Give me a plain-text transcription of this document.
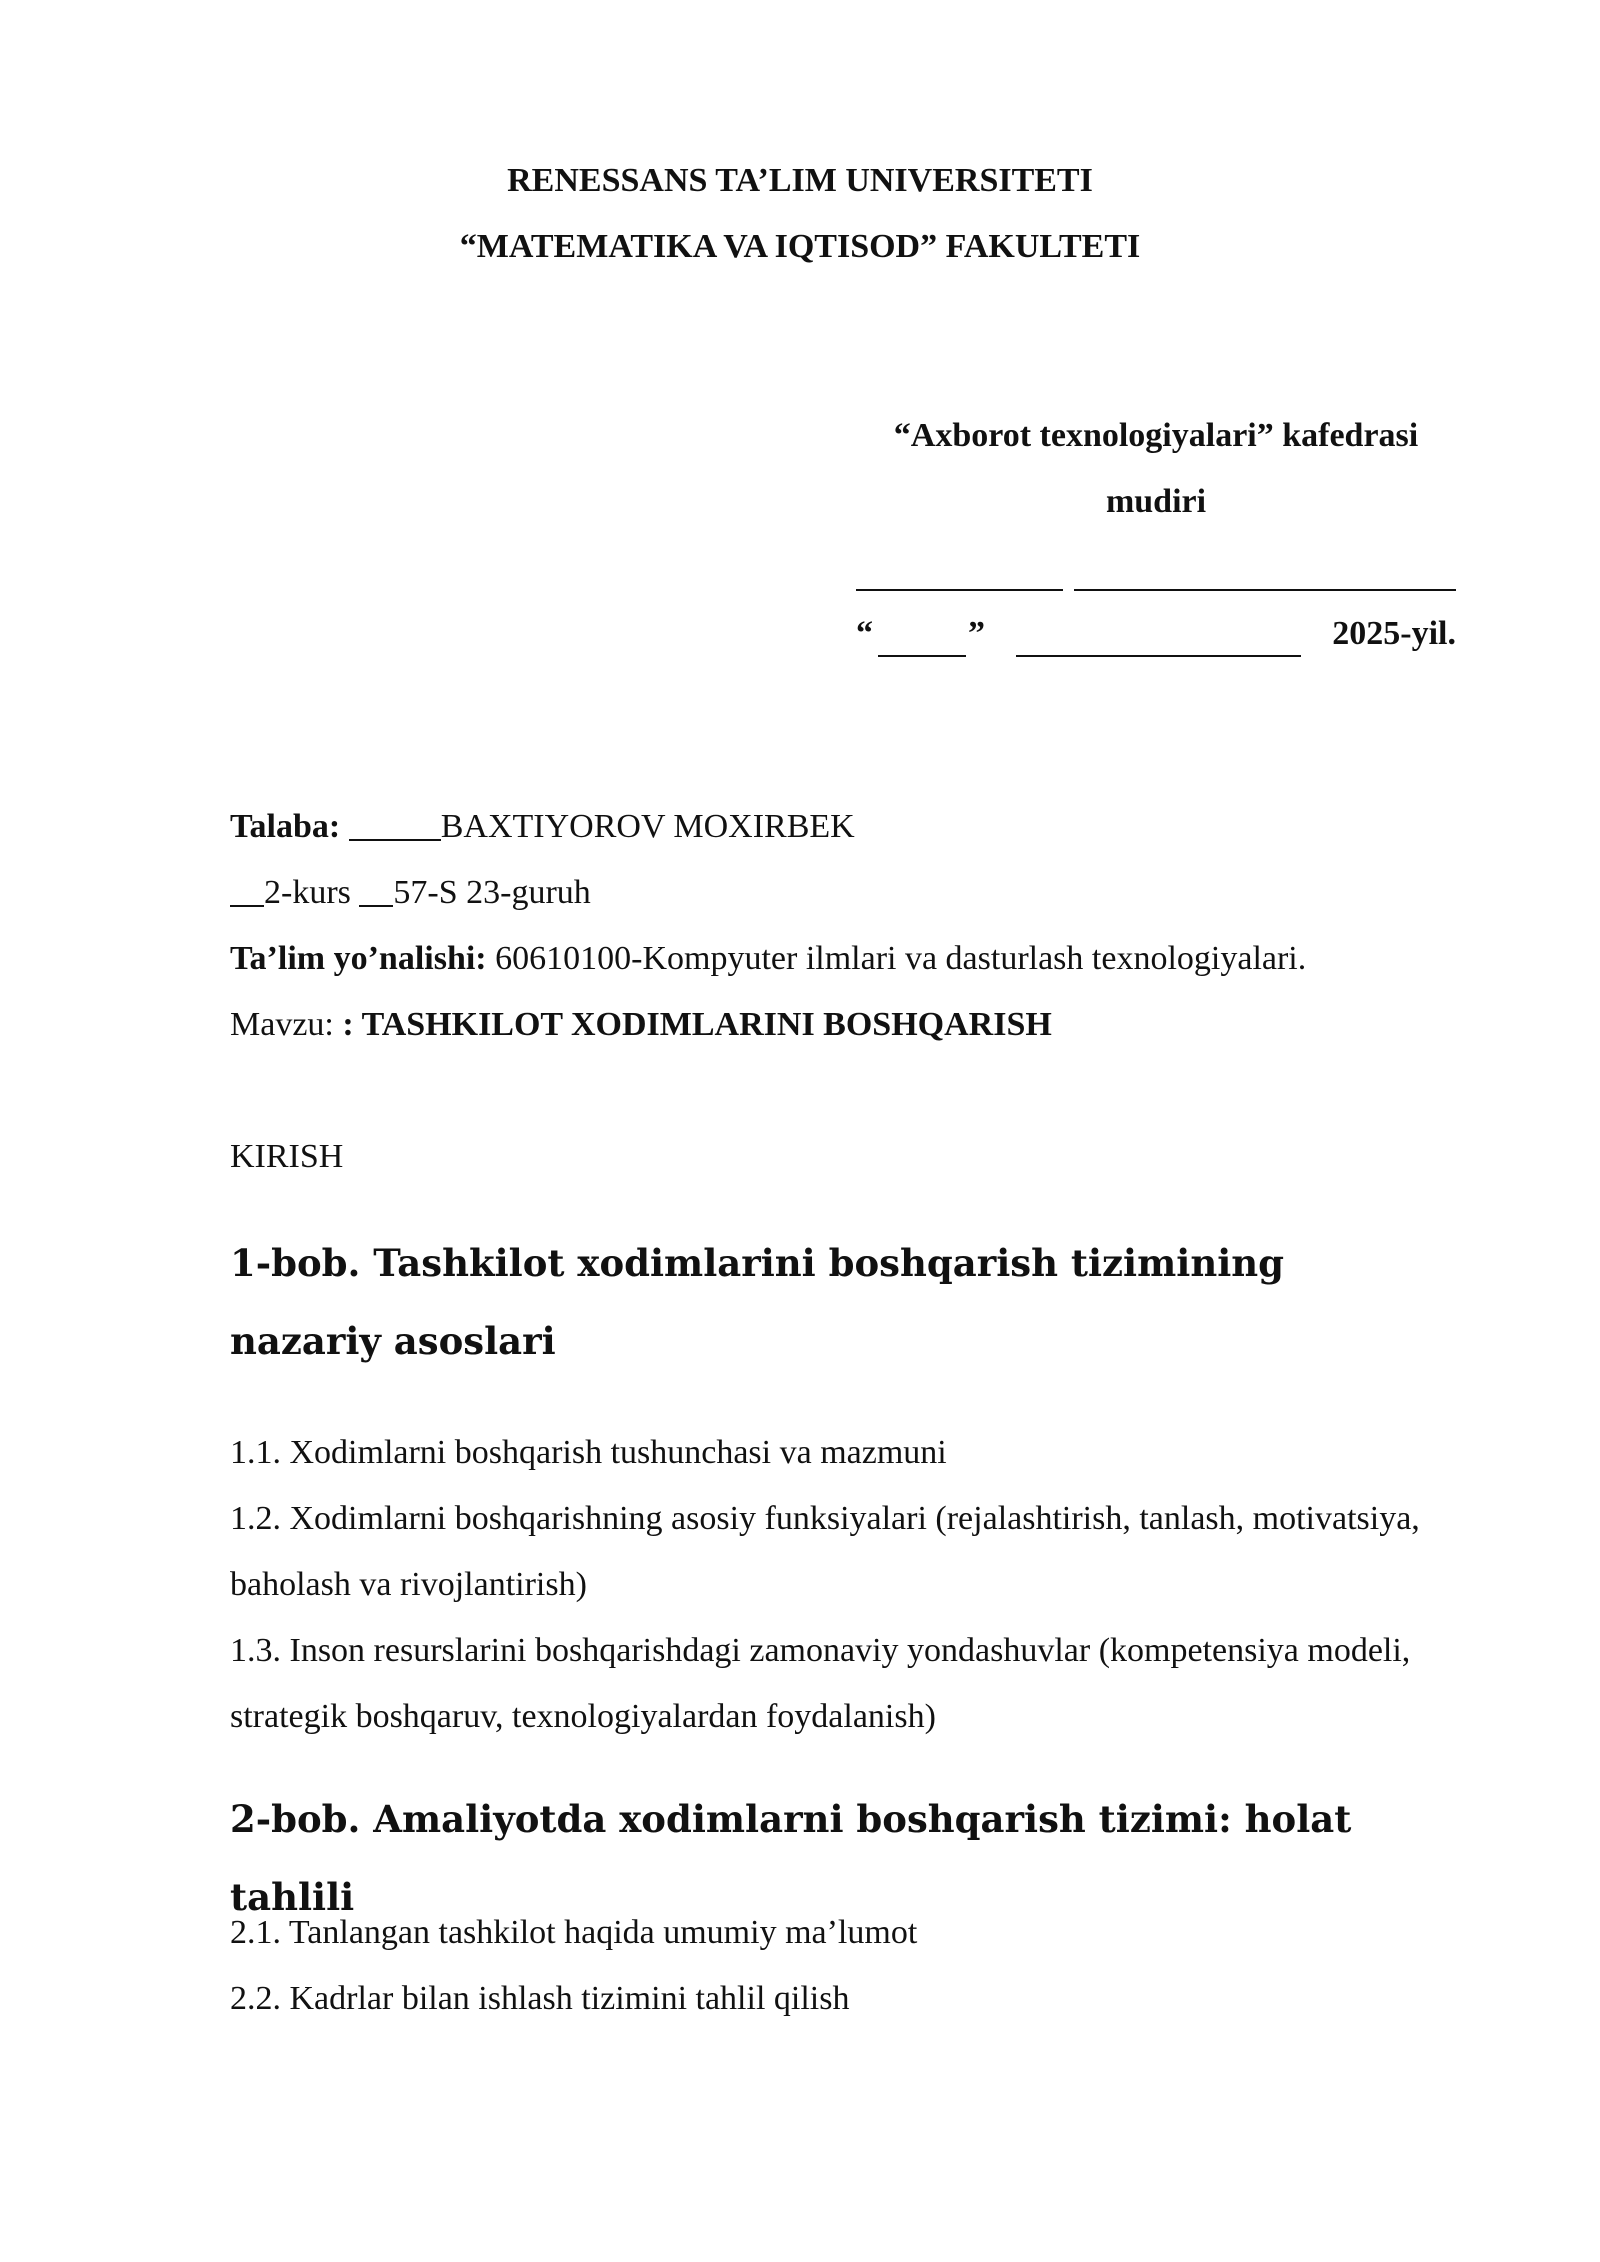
RENESSANS TA’LIM UNIVERSITETI
“MATEMATIKA VA IQTISOD” FAKULTETI
“Axborot texnologiyalari” kafedrasi
mudiri
“	”	2025-yil.
Talaba:	BAXTIYOROV MOXIRBEK
2-kurs 57-S 23-guruh
Ta’lim yo’nalishi: 60610100-Kompyuter ilmlari va dasturlash texnologiyalari.
Mavzu: : TASHKILOT XODIMLARINI BOSHQARISH
KIRISH
1-bob. Tashkilot xodimlarini boshqarish tizimining nazariy asoslari
1.1. Xodimlarni boshqarish tushunchasi va mazmuni
1.2. Xodimlarni boshqarishning asosiy funksiyalari (rejalashtirish, tanlash, motivatsiya, baholash va rivojlantirish)
1.3. Inson resurslarini boshqarishdagi zamonaviy yondashuvlar (kompetensiya modeli, strategik boshqaruv, texnologiyalardan foydalanish)
2-bob. Amaliyotda xodimlarni boshqarish tizimi: holat tahlili
2.1. Tanlangan tashkilot haqida umumiy ma’lumot
2.2. Kadrlar bilan ishlash tizimini tahlil qilish
